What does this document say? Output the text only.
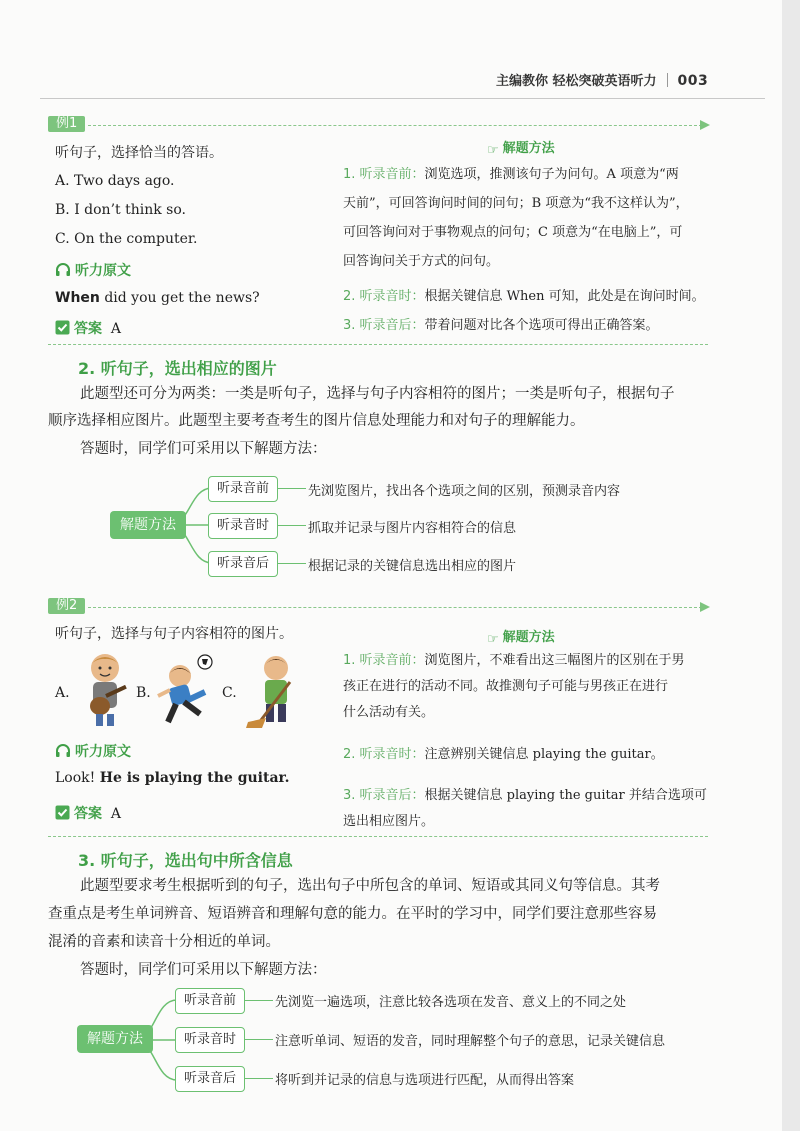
主编教你 轻松突破英语听力 003
例1
听句子，选择恰当的答语。
A. Two days ago.
B. I don’t think so.
C. On the computer.
听力原文
When did you get the news?
答案 A
☞ 解题方法
1. 听录音前：浏览选项，推测该句子为问句。A 项意为“两
天前”，可回答询问时间的问句；B 项意为“我不这样认为”，
可回答询问对于事物观点的问句；C 项意为“在电脑上”，可
回答询问关于方式的问句。
2. 听录音时：根据关键信息 When 可知，此处是在询问时间。
3. 听录音后：带着问题对比各个选项可得出正确答案。
2. 听句子，选出相应的图片
此题型还可分为两类：一类是听句子，选择与句子内容相符的图片；一类是听句子，根据句子
顺序选择相应图片。此题型主要考查考生的图片信息处理能力和对句子的理解能力。
答题时，同学们可采用以下解题方法：
解题方法
听录音前	先浏览图片，找出各个选项之间的区别，预测录音内容
听录音时	抓取并记录与图片内容相符合的信息
听录音后	根据记录的关键信息选出相应的图片
例2
听句子，选择与句子内容相符的图片。
A.	B.	C.
听力原文
Look! He is playing the guitar.
答案 A
☞ 解题方法
1. 听录音前：浏览图片，不难看出这三幅图片的区别在于男
孩正在进行的活动不同。故推测句子可能与男孩正在进行
什么活动有关。
2. 听录音时：注意辨别关键信息 playing the guitar。
3. 听录音后：根据关键信息 playing the guitar 并结合选项可
选出相应图片。
3. 听句子，选出句中所含信息
此题型要求考生根据听到的句子，选出句子中所包含的单词、短语或其同义句等信息。其考
查重点是考生单词辨音、短语辨音和理解句意的能力。在平时的学习中，同学们要注意那些容易
混淆的音素和读音十分相近的单词。
答题时，同学们可采用以下解题方法：
解题方法
听录音前	先浏览一遍选项，注意比较各选项在发音、意义上的不同之处
听录音时	注意听单词、短语的发音，同时理解整个句子的意思，记录关键信息
听录音后	将听到并记录的信息与选项进行匹配，从而得出答案
